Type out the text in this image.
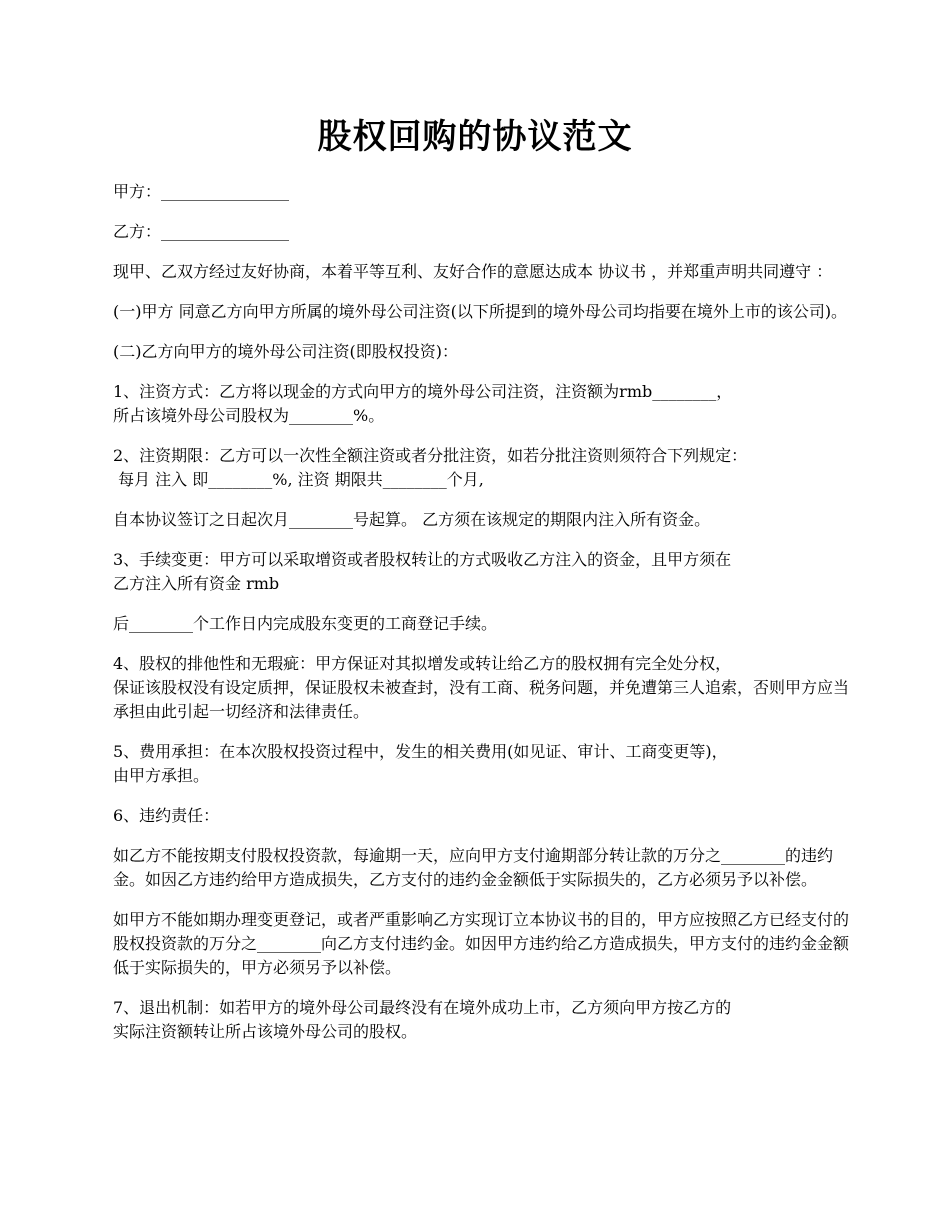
股权回购的协议范文

甲方：________________

乙方：________________

现甲、乙双方经过友好协商，本着平等互利、友好合作的意愿达成本 协议书 ，并郑重声明共同遵守 ：

(一)甲方 同意乙方向甲方所属的境外母公司注资(以下所提到的境外母公司均指要在境外上市的该公司)。

(二)乙方向甲方的境外母公司注资(即股权投资)：

1、注资方式：乙方将以现金的方式向甲方的境外母公司注资，注资额为rmb________，
所占该境外母公司股权为________%。

2、注资期限：乙方可以一次性全额注资或者分批注资，如若分批注资则须符合下列规定：
每月 注入 即________%, 注资 期限共________个月,

自本协议签订之日起次月________号起算。 乙方须在该规定的期限内注入所有资金。

3、手续变更：甲方可以采取增资或者股权转让的方式吸收乙方注入的资金，且甲方须在
乙方注入所有资金 rmb

后________个工作日内完成股东变更的工商登记手续。

4、股权的排他性和无瑕疵：甲方保证对其拟增发或转让给乙方的股权拥有完全处分权，
保证该股权没有设定质押，保证股权未被查封，没有工商、税务问题，并免遭第三人追索，否则甲方应当承担由此引起一切经济和法律责任。

5、费用承担：在本次股权投资过程中，发生的相关费用(如见证、审计、工商变更等)，
由甲方承担。

6、违约责任：

如乙方不能按期支付股权投资款，每逾期一天，应向甲方支付逾期部分转让款的万分之________的违约金。如因乙方违约给甲方造成损失，乙方支付的违约金金额低于实际损失的，乙方必须另予以补偿。

如甲方不能如期办理变更登记，或者严重影响乙方实现订立本协议书的目的，甲方应按照乙方已经支付的股权投资款的万分之________向乙方支付违约金。如因甲方违约给乙方造成损失，甲方支付的违约金金额低于实际损失的，甲方必须另予以补偿。

7、退出机制：如若甲方的境外母公司最终没有在境外成功上市，乙方须向甲方按乙方的
实际注资额转让所占该境外母公司的股权。
